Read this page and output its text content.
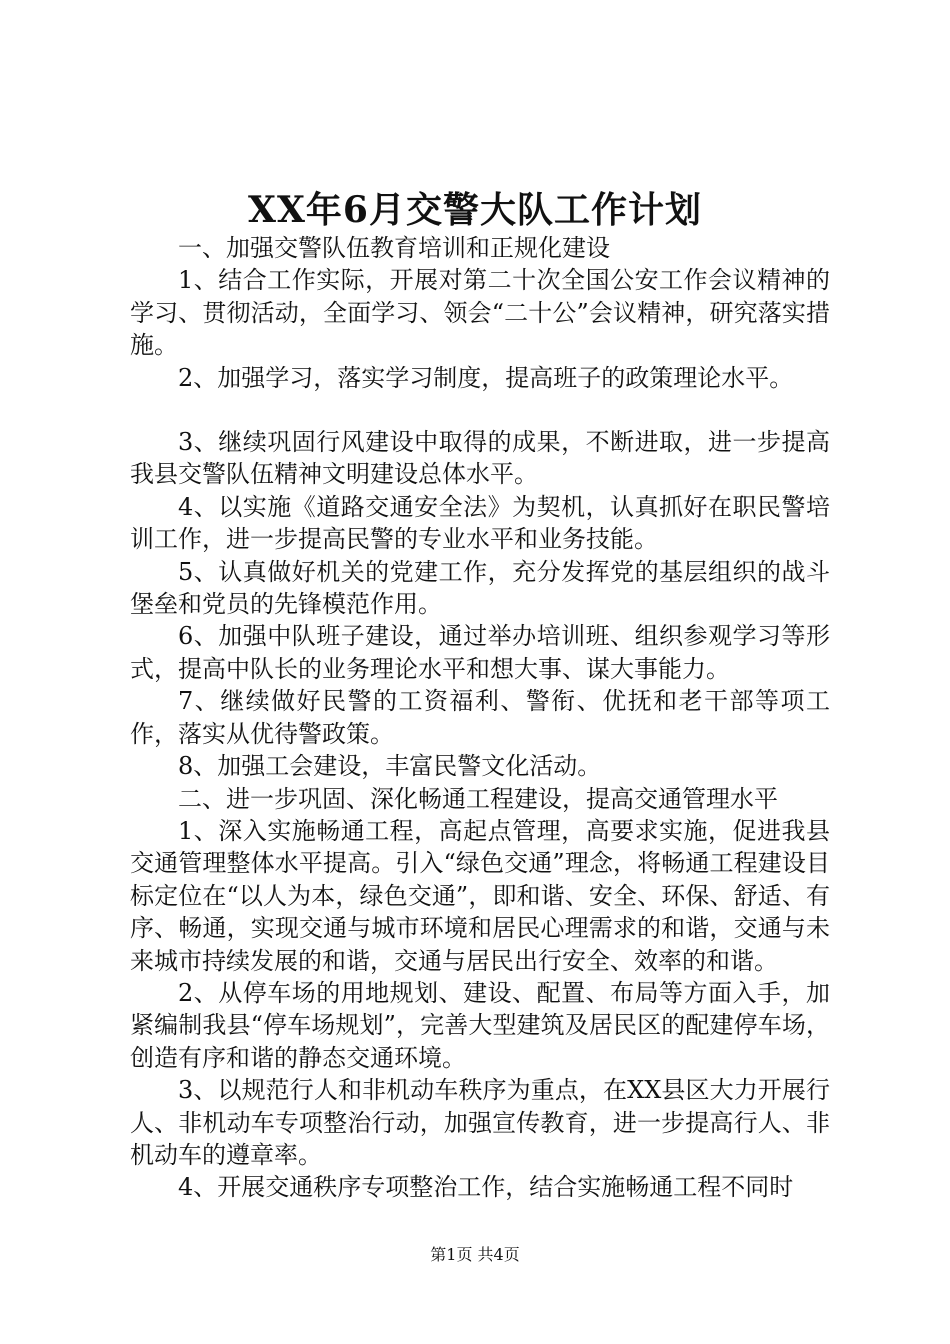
XX年6月交警大队工作计划

一、加强交警队伍教育培训和正规化建设

1、结合工作实际，开展对第二十次全国公安工作会议精神的学习、贯彻活动，全面学习、领会“二十公”会议精神，研究落实措施。

2、加强学习，落实学习制度，提高班子的政策理论水平。

3、继续巩固行风建设中取得的成果，不断进取，进一步提高我县交警队伍精神文明建设总体水平。

4、以实施《道路交通安全法》为契机，认真抓好在职民警培训工作，进一步提高民警的专业水平和业务技能。

5、认真做好机关的党建工作，充分发挥党的基层组织的战斗堡垒和党员的先锋模范作用。

6、加强中队班子建设，通过举办培训班、组织参观学习等形式，提高中队长的业务理论水平和想大事、谋大事能力。

7、继续做好民警的工资福利、警衔、优抚和老干部等项工作，落实从优待警政策。

8、加强工会建设，丰富民警文化活动。

二、进一步巩固、深化畅通工程建设，提高交通管理水平

1、深入实施畅通工程，高起点管理，高要求实施，促进我县交通管理整体水平提高。引入“绿色交通”理念，将畅通工程建设目标定位在“以人为本，绿色交通”，即和谐、安全、环保、舒适、有序、畅通，实现交通与城市环境和居民心理需求的和谐，交通与未来城市持续发展的和谐，交通与居民出行安全、效率的和谐。

2、从停车场的用地规划、建设、配置、布局等方面入手，加紧编制我县“停车场规划”，完善大型建筑及居民区的配建停车场，创造有序和谐的静态交通环境。

3、以规范行人和非机动车秩序为重点，在XX县区大力开展行人、非机动车专项整治行动，加强宣传教育，进一步提高行人、非机动车的遵章率。

4、开展交通秩序专项整治工作，结合实施畅通工程不同时

第1页 共4页
